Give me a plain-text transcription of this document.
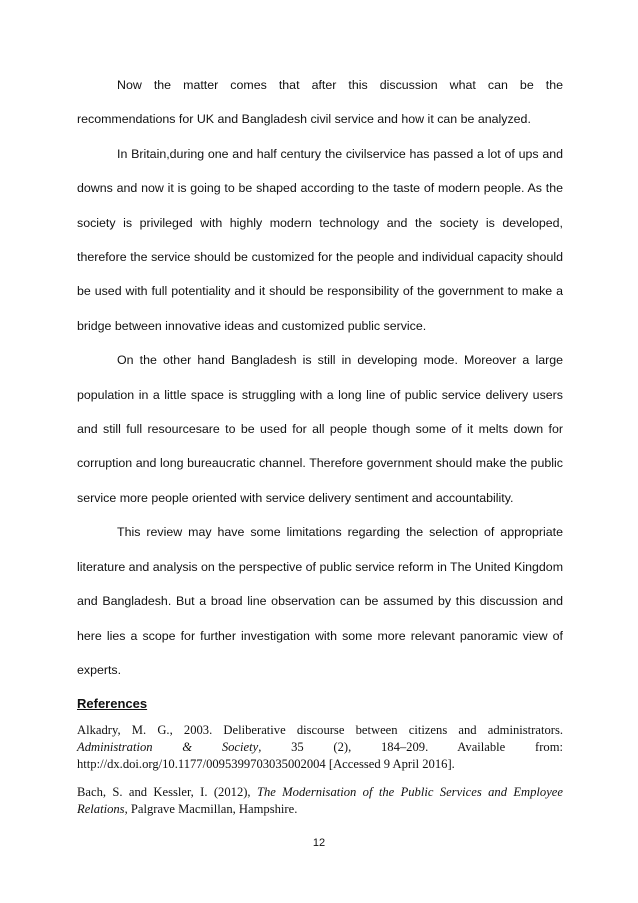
Now the matter comes that after this discussion what can be the recommendations for UK and Bangladesh civil service and how it can be analyzed.

In Britain,during one and half century the civilservice has passed a lot of ups and downs and now it is going to be shaped according to the taste of modern people. As the society is privileged with highly modern technology and the society is developed, therefore the service should be customized for the people and individual capacity should be used with full potentiality and it should be responsibility of the government to make a bridge between innovative ideas and customized public service.

On the other hand Bangladesh is still in developing mode. Moreover a large population in a little space is struggling with a long line of public service delivery users and still full resourcesare to be used for all people though some of it melts down for corruption and long bureaucratic channel. Therefore government should make the public service more people oriented with service delivery sentiment and accountability.

This review may have some limitations regarding the selection of appropriate literature and analysis on the perspective of public service reform in The United Kingdom and Bangladesh. But a broad line observation can be assumed by this discussion and here lies a scope for further investigation with some more relevant panoramic view of experts.

References
Alkadry, M. G., 2003. Deliberative discourse between citizens and administrators. Administration & Society, 35 (2), 184–209. Available from: http://dx.doi.org/10.1177/0095399703035002004 [Accessed 9 April 2016].
Bach, S. and Kessler, I. (2012), The Modernisation of the Public Services and Employee Relations, Palgrave Macmillan, Hampshire.
12
